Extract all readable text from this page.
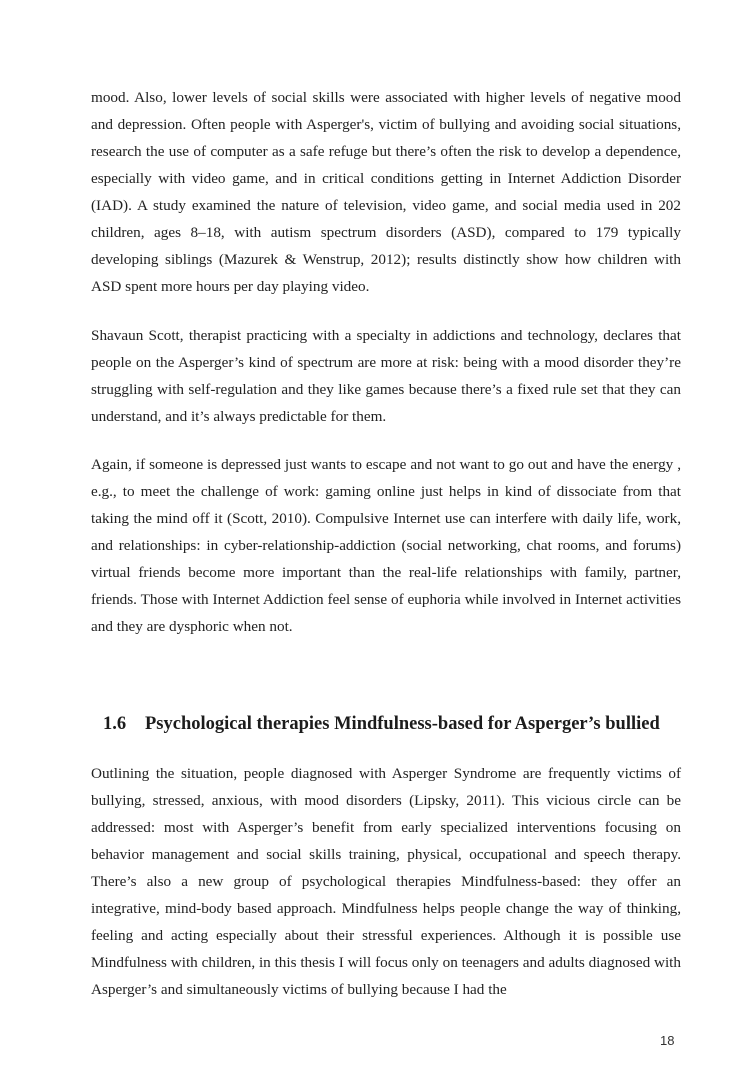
mood. Also, lower levels of social skills were associated with higher levels of negative mood and depression. Often people with Asperger's, victim of bullying and avoiding social situations, research the use of computer as a safe refuge but there’s often the risk to develop a dependence, especially with video game, and in critical conditions getting in Internet Addiction Disorder (IAD). A study examined the nature of television, video game, and social media used in 202 children, ages 8–18, with autism spectrum disorders (ASD), compared to 179 typically developing siblings (Mazurek & Wenstrup, 2012); results distinctly show how children with ASD spent more hours per day playing video.

Shavaun Scott, therapist practicing with a specialty in addictions and technology, declares that people on the Asperger’s kind of spectrum are more at risk: being with a mood disorder they’re struggling with self-regulation and they like games because there’s a fixed rule set that they can understand, and it’s always predictable for them.

Again, if someone is depressed just wants to escape and not want to go out and have the energy , e.g., to meet the challenge of work: gaming online just helps in kind of dissociate from that taking the mind off it (Scott, 2010). Compulsive Internet use can interfere with daily life, work, and relationships: in cyber-relationship-addiction (social networking, chat rooms, and forums) virtual friends become more important than the real-life relationships with family, partner, friends. Those with Internet Addiction feel sense of euphoria while involved in Internet activities and they are dysphoric when not.

1.6 Psychological therapies Mindfulness-based for Asperger’s bullied

Outlining the situation, people diagnosed with Asperger Syndrome are frequently victims of bullying, stressed, anxious, with mood disorders (Lipsky, 2011). This vicious circle can be addressed: most with Asperger’s benefit from early specialized interventions focusing on behavior management and social skills training, physical, occupational and speech therapy. There’s also a new group of psychological therapies Mindfulness-based: they offer an integrative, mind-body based approach. Mindfulness helps people change the way of thinking, feeling and acting especially about their stressful experiences. Although it is possible use Mindfulness with children, in this thesis I will focus only on teenagers and adults diagnosed with Asperger’s and simultaneously victims of bullying because I had the

18
